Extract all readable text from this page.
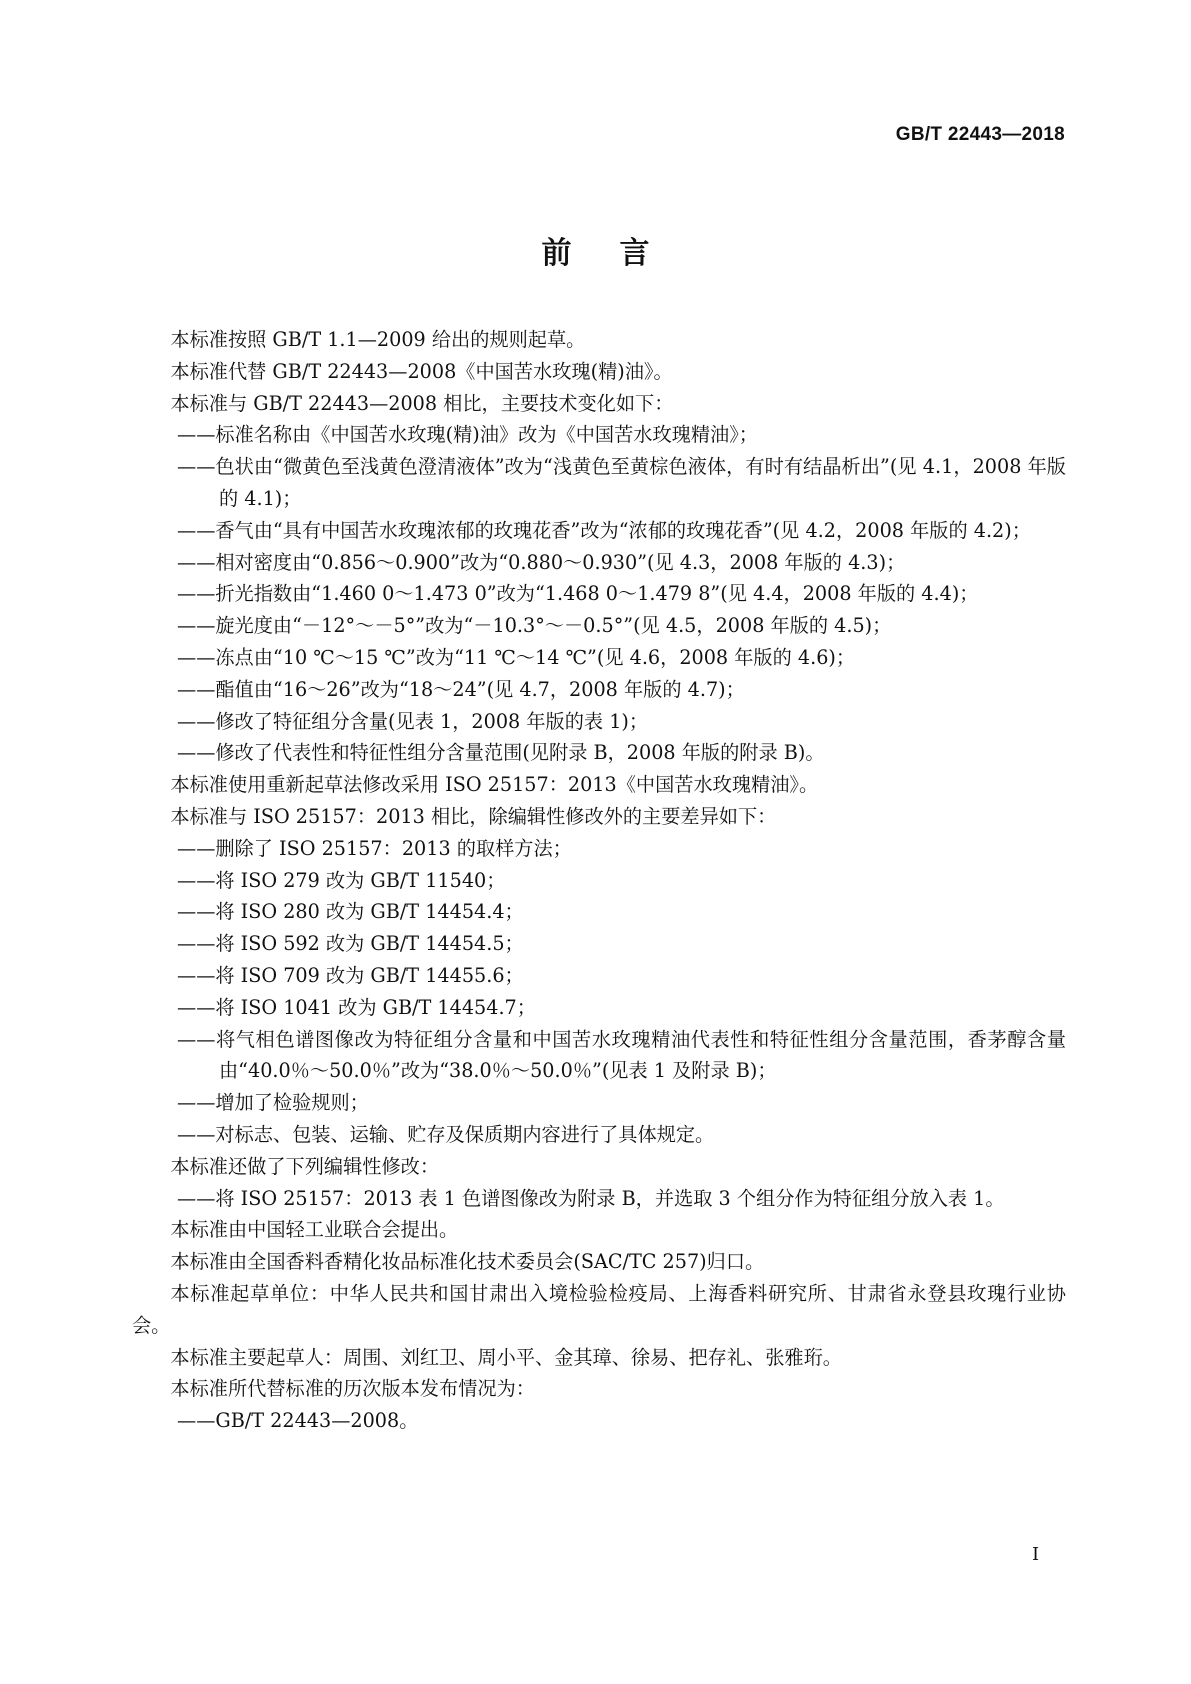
GB/T 22443—2018
前 言

本标准按照 GB/T 1.1—2009 给出的规则起草。

本标准代替 GB/T 22443—2008《中国苦水玫瑰(精)油》。

本标准与 GB/T 22443—2008 相比，主要技术变化如下：

——标准名称由《中国苦水玫瑰(精)油》改为《中国苦水玫瑰精油》；

——色状由“微黄色至浅黄色澄清液体”改为“浅黄色至黄棕色液体，有时有结晶析出”(见 4.1，2008 年版的 4.1)；

——香气由“具有中国苦水玫瑰浓郁的玫瑰花香”改为“浓郁的玫瑰花香”(见 4.2，2008 年版的 4.2)；

——相对密度由“0.856～0.900”改为“0.880～0.930”(见 4.3，2008 年版的 4.3)；

——折光指数由“1.460 0～1.473 0”改为“1.468 0～1.479 8”(见 4.4，2008 年版的 4.4)；

——旋光度由“－12°～－5°”改为“－10.3°～－0.5°”(见 4.5，2008 年版的 4.5)；

——冻点由“10 ℃～15 ℃”改为“11 ℃～14 ℃”(见 4.6，2008 年版的 4.6)；

——酯值由“16～26”改为“18～24”(见 4.7，2008 年版的 4.7)；

——修改了特征组分含量(见表 1，2008 年版的表 1)；

——修改了代表性和特征性组分含量范围(见附录 B，2008 年版的附录 B)。

本标准使用重新起草法修改采用 ISO 25157：2013《中国苦水玫瑰精油》。

本标准与 ISO 25157：2013 相比，除编辑性修改外的主要差异如下：

——删除了 ISO 25157：2013 的取样方法；

——将 ISO 279 改为 GB/T 11540；

——将 ISO 280 改为 GB/T 14454.4；

——将 ISO 592 改为 GB/T 14454.5；

——将 ISO 709 改为 GB/T 14455.6；

——将 ISO 1041 改为 GB/T 14454.7；

——将气相色谱图像改为特征组分含量和中国苦水玫瑰精油代表性和特征性组分含量范围，香茅醇含量由“40.0％～50.0％”改为“38.0％～50.0％”(见表 1 及附录 B)；

——增加了检验规则；

——对标志、包装、运输、贮存及保质期内容进行了具体规定。

本标准还做了下列编辑性修改：

——将 ISO 25157：2013 表 1 色谱图像改为附录 B，并选取 3 个组分作为特征组分放入表 1。

本标准由中国轻工业联合会提出。

本标准由全国香料香精化妆品标准化技术委员会(SAC/TC 257)归口。

本标准起草单位：中华人民共和国甘肃出入境检验检疫局、上海香料研究所、甘肃省永登县玫瑰行业协会。

本标准主要起草人：周围、刘红卫、周小平、金其璋、徐易、把存礼、张雅珩。

本标准所代替标准的历次版本发布情况为：

——GB/T 22443—2008。

I
